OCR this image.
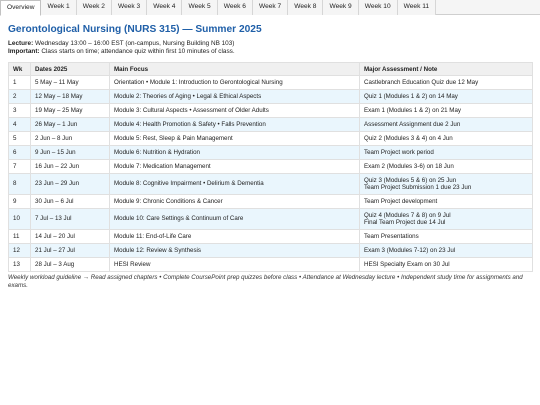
Overview	Week 1	Week 2	Week 3	Week 4	Week 5	Week 6	Week 7	Week 8	Week 9	Week 10	Week 11
Gerontological Nursing (NURS 315) — Summer 2025
Lecture: Wednesday 13:00 – 16:00 EST (on-campus, Nursing Building NB 103)
Important: Class starts on time; attendance quiz within first 10 minutes of class.
Wk	Dates 2025	Main Focus	Major Assessment / Note
1	5 May – 11 May	Orientation • Module 1: Introduction to Gerontological Nursing	Castlebranch Education Quiz due 12 May

2	12 May – 18 May	Module 2: Theories of Aging • Legal & Ethical Aspects	Quiz 1 (Modules 1 & 2) on 14 May

3	19 May – 25 May	Module 3: Cultural Aspects • Assessment of Older Adults	Exam 1 (Modules 1 & 2) on 21 May

4	26 May – 1 Jun	Module 4: Health Promotion & Safety • Falls Prevention	Assessment Assignment due 2 Jun

5	2 Jun – 8 Jun	Module 5: Rest, Sleep & Pain Management	Quiz 2 (Modules 3 & 4) on 4 Jun

6	9 Jun – 15 Jun	Module 6: Nutrition & Hydration	Team Project work period

7	16 Jun – 22 Jun	Module 7: Medication Management	Exam 2 (Modules 3-6) on 18 Jun

8	23 Jun – 29 Jun	Module 8: Cognitive Impairment • Delirium & Dementia	Quiz 3 (Modules 5 & 6) on 25 Jun
Team Project Submission 1 due 23 Jun

9	30 Jun – 6 Jul	Module 9: Chronic Conditions & Cancer	Team Project development

10	7 Jul – 13 Jul	Module 10: Care Settings & Continuum of Care	Quiz 4 (Modules 7 & 8) on 9 Jul
Final Team Project due 14 Jul

11	14 Jul – 20 Jul	Module 11: End-of-Life Care	Team Presentations

12	21 Jul – 27 Jul	Module 12: Review & Synthesis	Exam 3 (Modules 7-12) on 23 Jul

13	28 Jul – 3 Aug	HESI Review	HESI Specialty Exam on 30 Jul
Weekly workload guideline → Read assigned chapters • Complete CoursePoint prep quizzes before class • Attendance at Wednesday lecture • Independent study time for assignments and exams.
